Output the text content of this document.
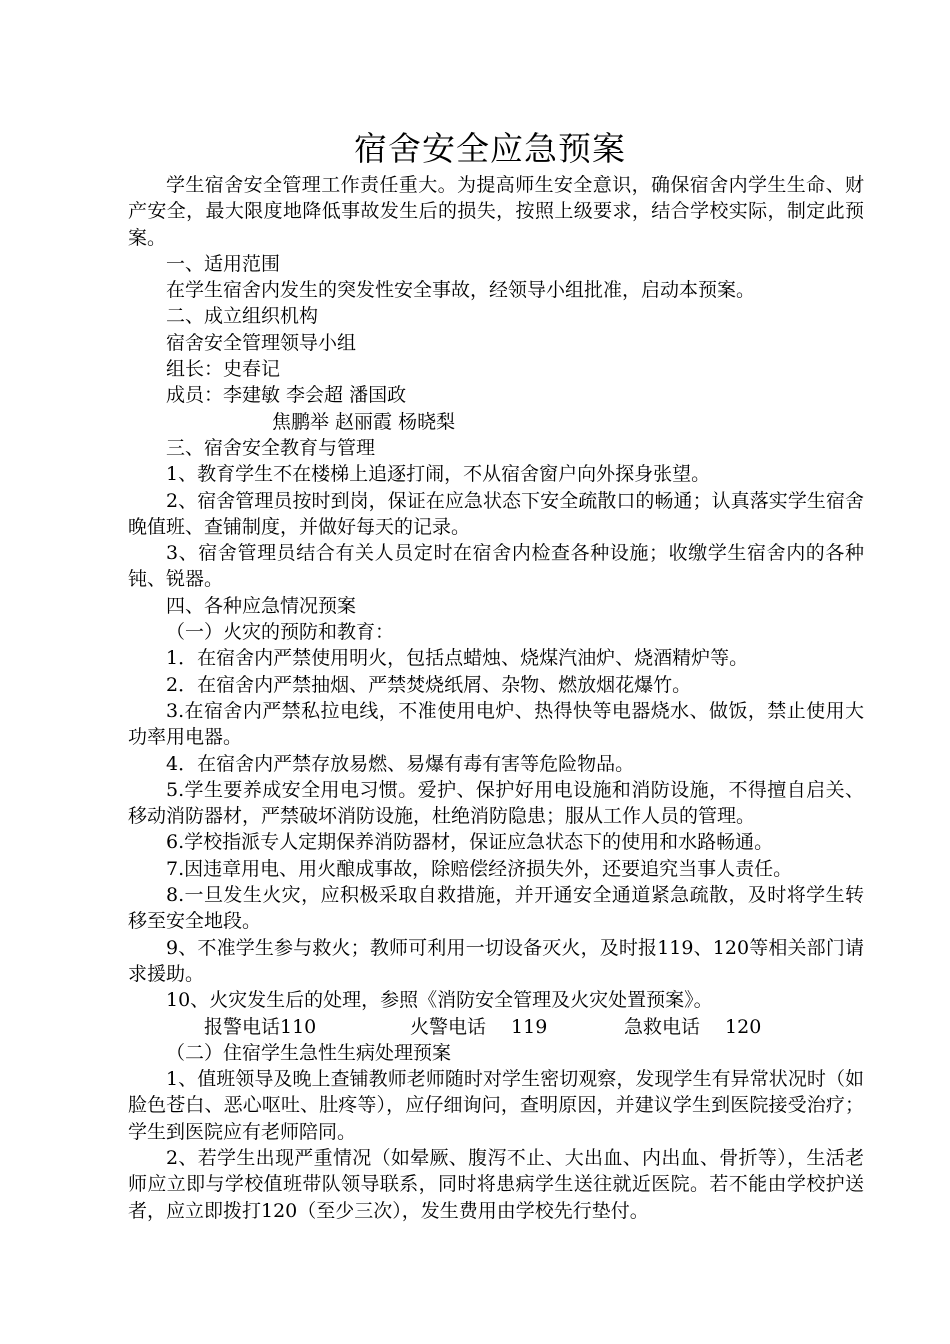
宿舍安全应急预案

学生宿舍安全管理工作责任重大。为提高师生安全意识，确保宿舍内学生生命、财产安全，最大限度地降低事故发生后的损失，按照上级要求，结合学校实际，制定此预案。

一、适用范围

在学生宿舍内发生的突发性安全事故，经领导小组批准，启动本预案。

二、成立组织机构

宿舍安全管理领导小组

组长：史春记

成员：李建敏 李会超 潘国政

焦鹏举 赵丽霞 杨晓梨

三、宿舍安全教育与管理

1、教育学生不在楼梯上追逐打闹，不从宿舍窗户向外探身张望。

2、宿舍管理员按时到岗，保证在应急状态下安全疏散口的畅通；认真落实学生宿舍晚值班、查铺制度，并做好每天的记录。

3、宿舍管理员结合有关人员定时在宿舍内检查各种设施；收缴学生宿舍内的各种钝、锐器。

四、各种应急情况预案

（一）火灾的预防和教育：

1．在宿舍内严禁使用明火，包括点蜡烛、烧煤汽油炉、烧酒精炉等。

2．在宿舍内严禁抽烟、严禁焚烧纸屑、杂物、燃放烟花爆竹。

3.在宿舍内严禁私拉电线，不准使用电炉、热得快等电器烧水、做饭，禁止使用大功率用电器。

4．在宿舍内严禁存放易燃、易爆有毒有害等危险物品。

5.学生要养成安全用电习惯。爱护、保护好用电设施和消防设施，不得擅自启关、移动消防器材，严禁破坏消防设施，杜绝消防隐患；服从工作人员的管理。

6.学校指派专人定期保养消防器材，保证应急状态下的使用和水路畅通。

7.因违章用电、用火酿成事故，除赔偿经济损失外，还要追究当事人责任。

8.一旦发生火灾，应积极采取自救措施，并开通安全通道紧急疏散，及时将学生转移至安全地段。

9、不准学生参与救火；教师可利用一切设备灭火，及时报119、120等相关部门请求援助。

10、火灾发生后的处理，参照《消防安全管理及火灾处置预案》。

报警电话110	火警电话　 119	急救电话　 120

（二）住宿学生急性生病处理预案

1、值班领导及晚上查铺教师老师随时对学生密切观察，发现学生有异常状况时（如脸色苍白、恶心呕吐、肚疼等），应仔细询问，查明原因，并建议学生到医院接受治疗；学生到医院应有老师陪同。

2、若学生出现严重情况（如晕厥、腹泻不止、大出血、内出血、骨折等），生活老师应立即与学校值班带队领导联系，同时将患病学生送往就近医院。若不能由学校护送者，应立即拨打120（至少三次），发生费用由学校先行垫付。
